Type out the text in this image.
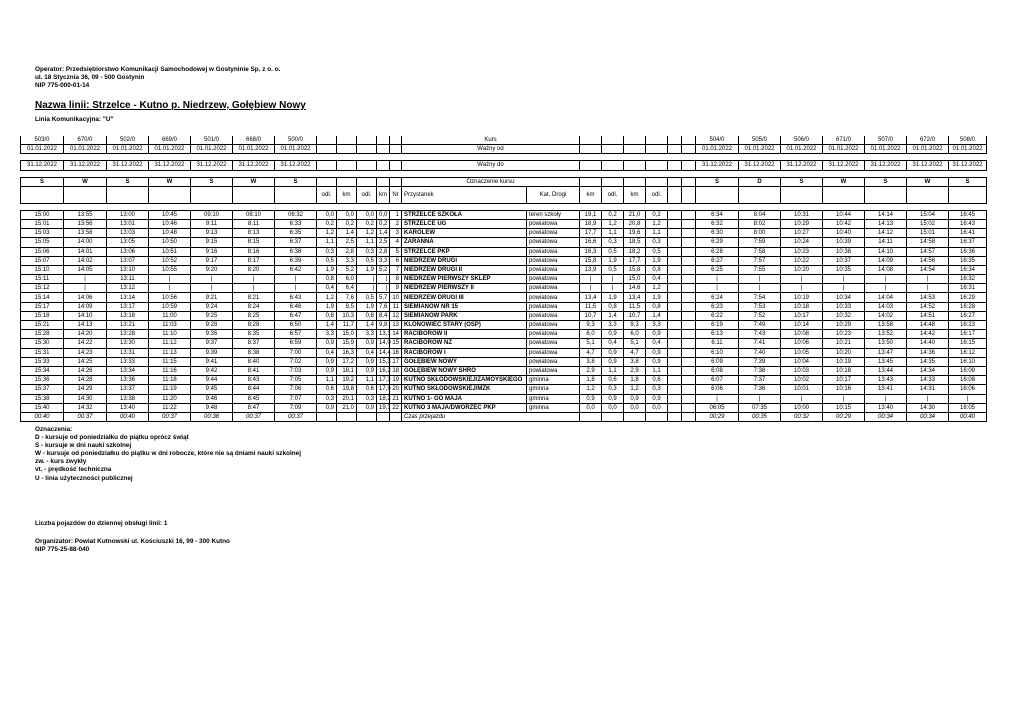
Operator: Przedsiębiorstwo Komunikacji Samochodowej w Gostyninie Sp. z o. o.
ul. 18 Stycznia 36, 09 - 500 Gostynin
NIP 775-000-01-14
Nazwa linii: Strzelce - Kutno p. Niedrzew, Gołębiew Nowy
Linia Komunikacyjna: "U"
503/0	670/0	502/0	669/0	501/0	668/0	500/0						Kurs								504/0	505/0	506/0	671/0	507/0	672/0	508/0
01.01.2022	01.01.2022	01.01.2022	01.01.2022	01.01.2022	01.01.2022	01.01.2022						Ważny od								01.01.2022	01.01.2022	01.01.2022	01.01.2022	01.01.2022	01.01.2022	01.01.2022

31.12.2022	31.12.2022	31.12.2022	31.12.2022	31.12.2022	31.12.2022	31.12.2022						Ważny do								31.12.2022	31.12.2022	31.12.2022	31.12.2022	31.12.2022	31.12.2022	31.12.2022

S	W	S	W	S	W	S						Oznaczenie kursu								S	D	S	W	S	W	S
							odl.	km	odl.	km	Nr	Przystanek	Kat. Drogi	km	odl.	km	odl.									

15:00	13:55	13:00	10:45	09:10	08:10	06:32	0,0	0,0	0,0	0,0	1	STRZELCE SZKOŁA	teren szkoły	19,1	0,2	21,0	0,2			6:34	8:04	10:31	10:44	14:14	15:04	16:45
15:01	13:56	13:01	10:46	9:11	8:11	6:33	0,2	0,2	0,2	0,2	2	STRZELCE UG	powiatowa	18,9	1,2	20,8	1,2			6:32	8:02	10:29	10:42	14:13	15:02	16:43
15:03	13:58	13:03	10:48	9:13	8:13	6:35	1,2	1,4	1,2	1,4	3	KAROLEW	powiatowa	17,7	1,1	19,6	1,1			6:30	8:00	10:27	10:40	14:12	15:01	16:41
15:05	14:00	13:05	10:50	9:15	8:15	6:37	1,1	2,5	1,1	2,5	4	ZARANNA	powiatowa	16,6	0,3	18,5	0,3			6:29	7:59	10:24	10:39	14:11	14:58	16:37
15:06	14:01	13:06	10:51	9:16	8:16	6:38	0,3	2,8	0,3	2,8	5	STRZELCE PKP	powiatowa	16,3	0,5	18,2	0,5			6:28	7:58	10:23	10:38	14:10	14:57	16:36
15:07	14:02	13:07	10:52	9:17	8:17	6:39	0,5	3,3	0,5	3,3	6	NIEDRZEW DRUGI	powiatowa	15,8	1,9	17,7	1,9			6:27	7:57	10:22	10:37	14:09	14:56	16:35
15:10	14:05	13:10	10:55	9:20	8:20	6:42	1,9	5,2	1,9	5,2	7	NIEDRZEW DRUGI II	powiatowa	13,9	0,5	15,8	0,8			6:25	7:55	10:20	10:35	14:08	14:54	16:34
15:11	|	13:11	|	|	|	|	0,8	6,0	|	|	8	NIEDRZEW PIERWSZY SKLEP	powiatowa	|	|	15,0	0,4			|	|	|	|	|	|	16:32
15:12	|	13:12	|	|	|	|	0,4	6,4	|	|	9	NIEDRZEW PIERWSZY II	powiatowa	|	|	14,6	1,2			|	|	|	|	|	|	16:31
15:14	14:06	13:14	10:56	9:21	8:21	6:43	1,2	7,6	0,5	5,7	10	NIEDRZEW DRUGI III	powiatowa	13,4	1,9	13,4	1,9			6:24	7:54	10:19	10:34	14:04	14:53	16:29
15:17	14:09	13:17	10:59	9:24	8:24	6:46	1,9	9,5	1,9	7,6	11	SIEMIANÓW NR 15	powiatowa	11,5	0,8	11,5	0,8			6:23	7:53	10:18	10:33	14:03	14:52	16:28
15:18	14:10	13:18	11:00	9:25	8:25	6:47	0,8	10,3	0,8	8,4	12	SIEMIANÓW PARK	powiatowa	10,7	1,4	10,7	1,4			6:22	7:52	10:17	10:32	14:02	14:51	16:27
15:21	14:13	13:21	11:03	9:28	8:28	6:50	1,4	11,7	1,4	9,8	13	KLONOWIEC STARY (OSP)	powiatowa	9,3	3,3	9,3	3,3			6:19	7:49	10:14	10:29	13:58	14:48	16:23
15:28	14:20	13:28	11:10	9:35	8:35	6:57	3,3	15,0	3,3	13,1	14	RACIBORÓW II	powiatowa	6,0	0,9	6,0	0,9			6:13	7:43	10:08	10:23	13:52	14:42	16:17
15:30	14:22	13:30	11:12	9:37	8:37	6:59	0,9	15,9	0,9	14,0	15	RACIBORÓW NŻ	powiatowa	5,1	0,4	5,1	0,4			6:11	7:41	10:06	10:21	13:50	14:40	16:15
15:31	14:23	13:31	11:13	9:39	8:38	7:00	0,4	16,3	0,4	14,4	16	RACIBORÓW I	powiatowa	4,7	0,9	4,7	0,9			6:10	7:40	10:05	10:20	13:47	14:36	16:12
15:33	14:25	13:33	11:15	9:41	8:40	7:02	0,9	17,2	0,9	15,3	17	GOŁĘBIEW NOWY	powiatowa	3,8	0,9	3,8	0,9			6:09	7:39	10:04	10:19	13:45	14:35	16:10
15:34	14:26	13:34	11:16	9:42	8:41	7:03	0,9	18,1	0,9	16,2	18	GOŁĘBIEW NOWY SHRO	powiatowa	2,9	1,1	2,9	1,1			6:08	7:38	10:03	10:18	13:44	14:34	16:09
15:36	14:28	13:36	11:18	9:44	8:43	7:05	1,1	19,2	1,1	17,3	19	KUTNO SKŁODOWSKIEJ/ZAMOYSKIEGO	gminna	1,8	0,6	1,8	0,6			6:07	7:37	10:02	10:17	13:43	14:33	16:08
15:37	14:29	13:37	11:19	9:45	8:44	7:06	0,6	19,8	0,6	17,9	20	KUTNO SKŁODOWSKIEJ/MZK	gminna	1,2	0,3	1,2	0,3			6:06	7:36	10:01	10:16	13:41	14:31	16:06
15:38	14:30	13:38	11:20	9:46	8:45	7:07	0,3	20,1	0,3	18,2	21	KUTNO 1- GO MAJA	gminna	0,9	0,9	0,9	0,9			|	|	|	|	|	|	|
15:40	14:32	13:40	11:22	9:48	8:47	7:09	0,9	21,0	0,9	19,1	22	KUTNO 3 MAJA/DWORZEC PKP	gminna	0,0	0,0	0,0	0,0			06:05	07:35	10:00	10:15	13:40	14:30	16:05
00:40	00:37	00:40	00:37	00:38	00:37	00:37						Czas przejazdu								00:29	00:35	00:32	00:29	00:34	00:34	00:40
Oznaczenia:
D - kursuje od poniedziałku do piątku oprócz świąt
S - kursuje w dni nauki szkolnej
W - kursuje od poniedziałku do piątku w dni robocze, które nie są dniami nauki szkolnej
zw. - kurs zwykły
vt. - prędkość techniczna
U - linia użyteczności publicznej
Liczba pojazdów do dziennej obsługi linii: 1
Organizator: Powiat Kutnowski ul. Kościuszki 16, 99 - 300 Kutno
NIP 775-25-88-040
